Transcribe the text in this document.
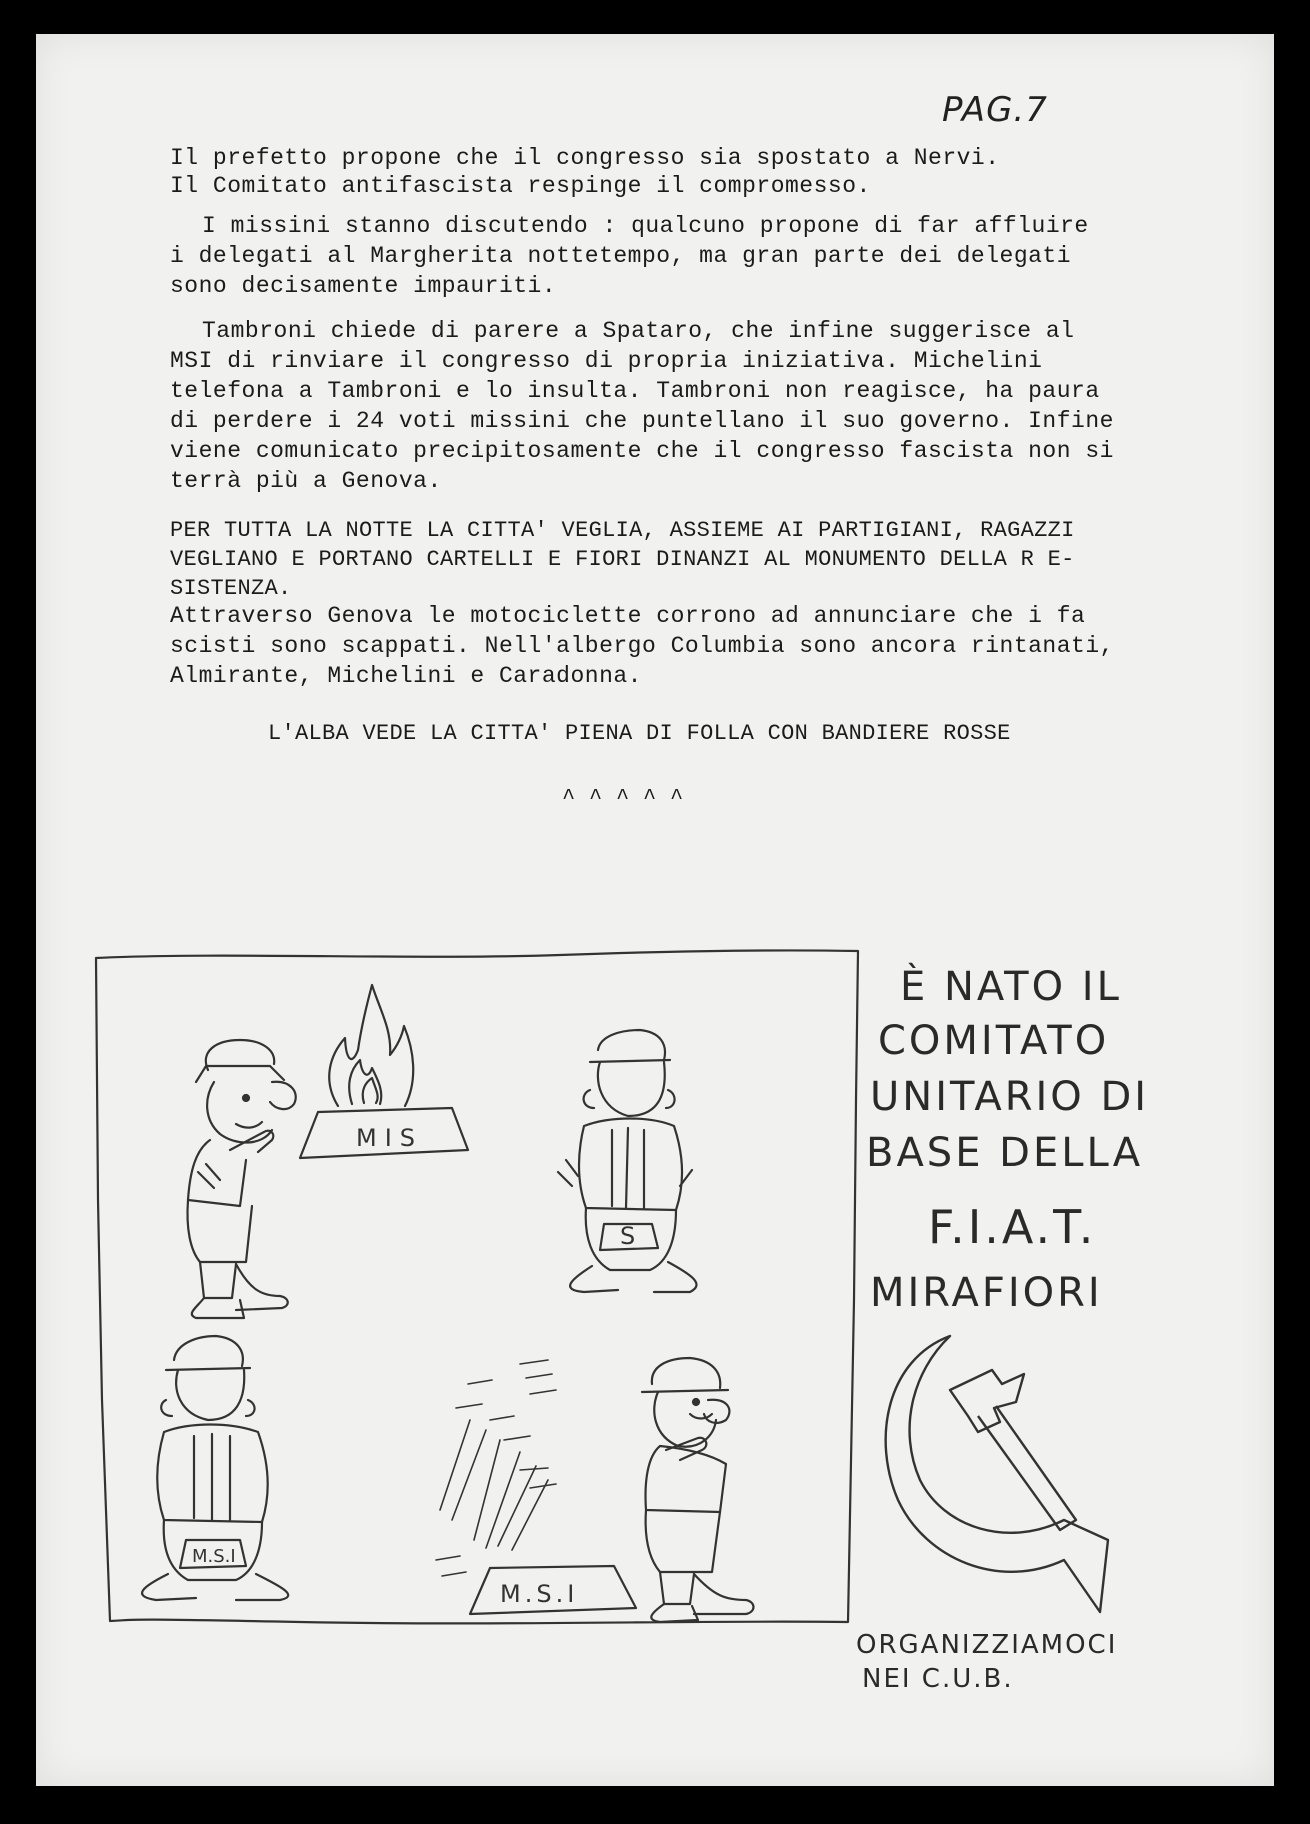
PAG.7
Il prefetto propone che il congresso sia spostato a Nervi.
Il Comitato antifascista respinge il compromesso.
I missini stanno discutendo : qualcuno propone di far affluire
i delegati al Margherita nottetempo, ma gran parte dei delegati
sono decisamente impauriti.
Tambroni chiede di parere a Spataro, che infine suggerisce al
MSI di rinviare il congresso di propria iniziativa. Michelini
telefona a Tambroni e lo insulta. Tambroni non reagisce, ha paura
di perdere i 24 voti missini che puntellano il suo governo. Infine
viene comunicato precipitosamente che il congresso fascista non si
terrà più a Genova.
PER TUTTA LA NOTTE LA CITTA' VEGLIA, ASSIEME AI PARTIGIANI, RAGAZZI
VEGLIANO E PORTANO CARTELLI E FIORI DINANZI AL MONUMENTO DELLA R E-
SISTENZA.
Attraverso Genova le motociclette corrono ad annunciare che i fa
scisti sono scappati. Nell'albergo Columbia sono ancora rintanati,
Almirante, Michelini e Caradonna.
L'ALBA VEDE LA CITTA' PIENA DI FOLLA CON BANDIERE ROSSE
^ ^ ^ ^ ^
MIS
S
M.S.I
M.S.I
È NATO IL
COMITATO
UNITARIO DI
BASE DELLA
F.I.A.T.
MIRAFIORI
ORGANIZZIAMOCI
NEI C.U.B.
